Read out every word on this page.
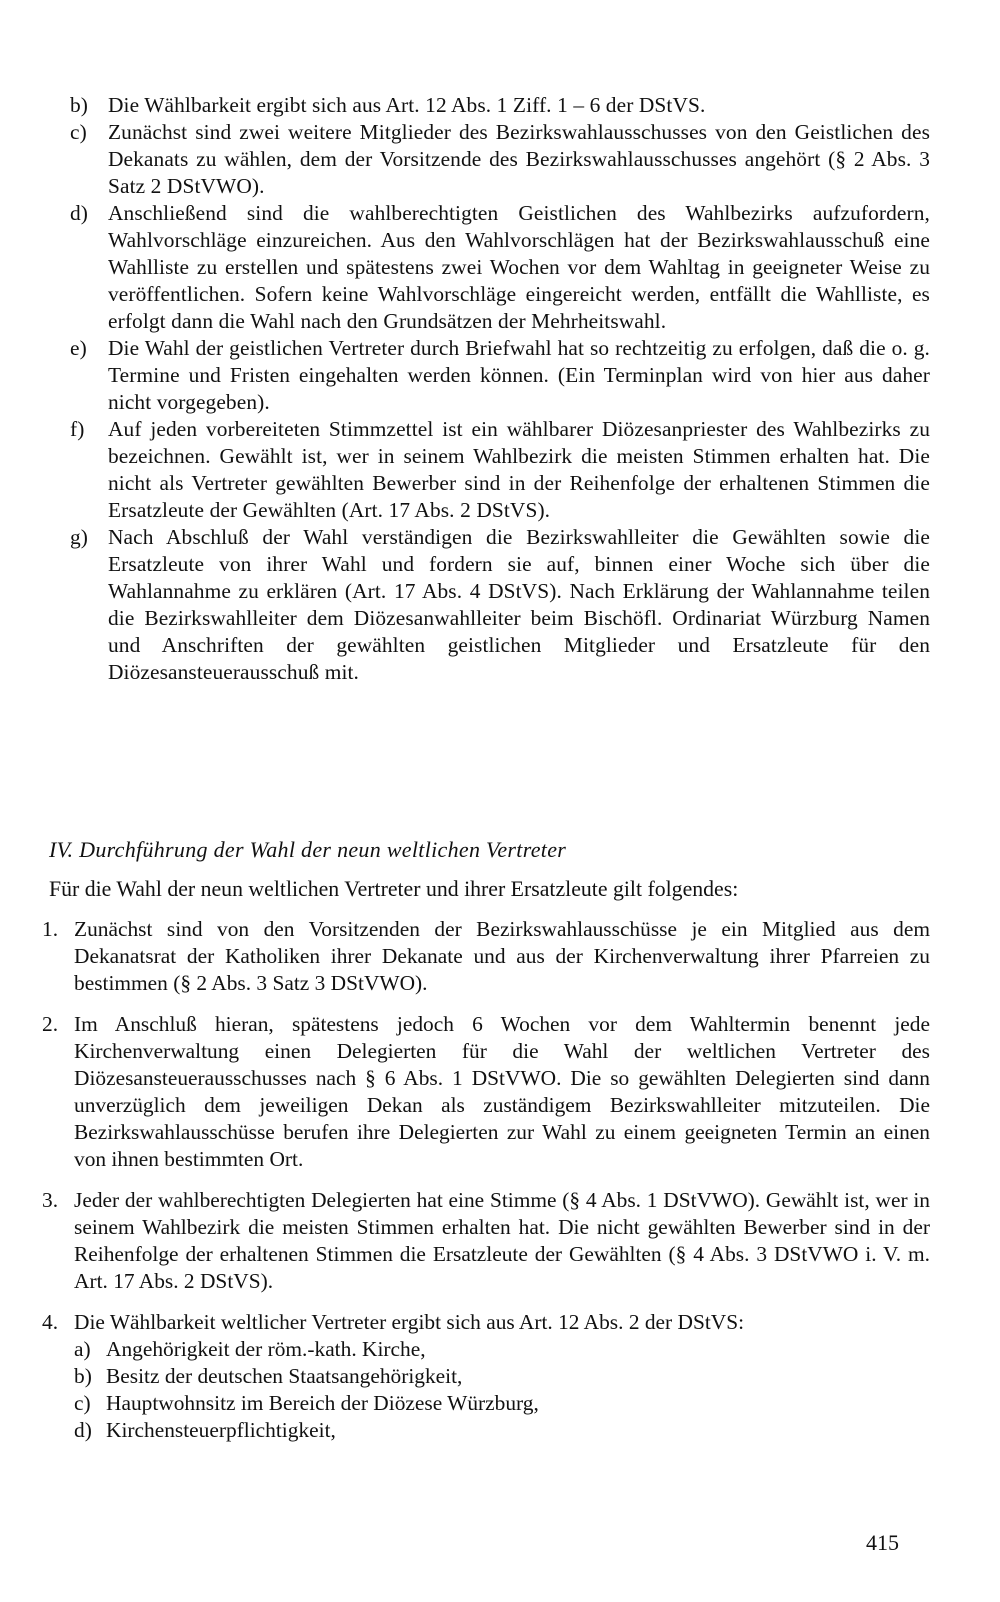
b) Die Wählbarkeit ergibt sich aus Art. 12 Abs. 1 Ziff. 1 – 6 der DStVS.
c) Zunächst sind zwei weitere Mitglieder des Bezirkswahlausschusses von den Geistlichen des Dekanats zu wählen, dem der Vorsitzende des Bezirkswahlausschusses angehört (§ 2 Abs. 3 Satz 2 DStVWO).
d) Anschließend sind die wahlberechtigten Geistlichen des Wahlbezirks aufzufordern, Wahlvorschläge einzureichen. Aus den Wahlvorschlägen hat der Bezirkswahlausschuß eine Wahlliste zu erstellen und spätestens zwei Wochen vor dem Wahltag in geeigneter Weise zu veröffentlichen. Sofern keine Wahlvorschläge eingereicht werden, entfällt die Wahlliste, es erfolgt dann die Wahl nach den Grundsätzen der Mehrheitswahl.
e) Die Wahl der geistlichen Vertreter durch Briefwahl hat so rechtzeitig zu erfolgen, daß die o. g. Termine und Fristen eingehalten werden können. (Ein Terminplan wird von hier aus daher nicht vorgegeben).
f)	Auf jeden vorbereiteten Stimmzettel ist ein wählbarer Diözesanpriester des Wahlbezirks zu bezeichnen. Gewählt ist, wer in seinem Wahlbezirk die meisten Stimmen erhalten hat. Die nicht als Vertreter gewählten Bewerber sind in der Reihenfolge der erhaltenen Stimmen die Ersatzleute der Gewählten (Art. 17 Abs. 2 DStVS).
g) Nach Abschluß der Wahl verständigen die Bezirkswahlleiter die Gewählten sowie die Ersatzleute von ihrer Wahl und fordern sie auf, binnen einer Woche sich über die Wahlannahme zu erklären (Art. 17 Abs. 4 DStVS). Nach Erklärung der Wahlannahme teilen die Bezirkswahlleiter dem Diözesanwahlleiter beim Bischöfl. Ordinariat Würzburg Namen und Anschriften der gewählten geistlichen Mitglieder und Ersatzleute für den Diözesansteuerausschuß mit.
IV. Durchführung der Wahl der neun weltlichen Vertreter
Für die Wahl der neun weltlichen Vertreter und ihrer Ersatzleute gilt folgendes:
1. Zunächst sind von den Vorsitzenden der Bezirkswahlausschüsse je ein Mitglied aus dem Dekanatsrat der Katholiken ihrer Dekanate und aus der Kirchenverwaltung ihrer Pfarreien zu bestimmen (§ 2 Abs. 3 Satz 3 DStVWO).
2. Im Anschluß hieran, spätestens jedoch 6 Wochen vor dem Wahltermin benennt jede Kirchenverwaltung einen Delegierten für die Wahl der weltlichen Vertreter des Diözesansteuerausschusses nach § 6 Abs. 1 DStVWO. Die so gewählten Delegierten sind dann unverzüglich dem jeweiligen Dekan als zuständigem Bezirkswahlleiter mitzuteilen. Die Bezirkswahlausschüsse berufen ihre Delegierten zur Wahl zu einem geeigneten Termin an einen von ihnen bestimmten Ort.
3. Jeder der wahlberechtigten Delegierten hat eine Stimme (§ 4 Abs. 1 DStVWO). Gewählt ist, wer in seinem Wahlbezirk die meisten Stimmen erhalten hat. Die nicht gewählten Bewerber sind in der Reihenfolge der erhaltenen Stimmen die Ersatzleute der Gewählten (§ 4 Abs. 3 DStVWO i. V. m. Art. 17 Abs. 2 DStVS).
4. Die Wählbarkeit weltlicher Vertreter ergibt sich aus Art. 12 Abs. 2 der DStVS:
a) Angehörigkeit der röm.-kath. Kirche,
b) Besitz der deutschen Staatsangehörigkeit,
c) Hauptwohnsitz im Bereich der Diözese Würzburg,
d) Kirchensteuerpflichtigkeit,
415
